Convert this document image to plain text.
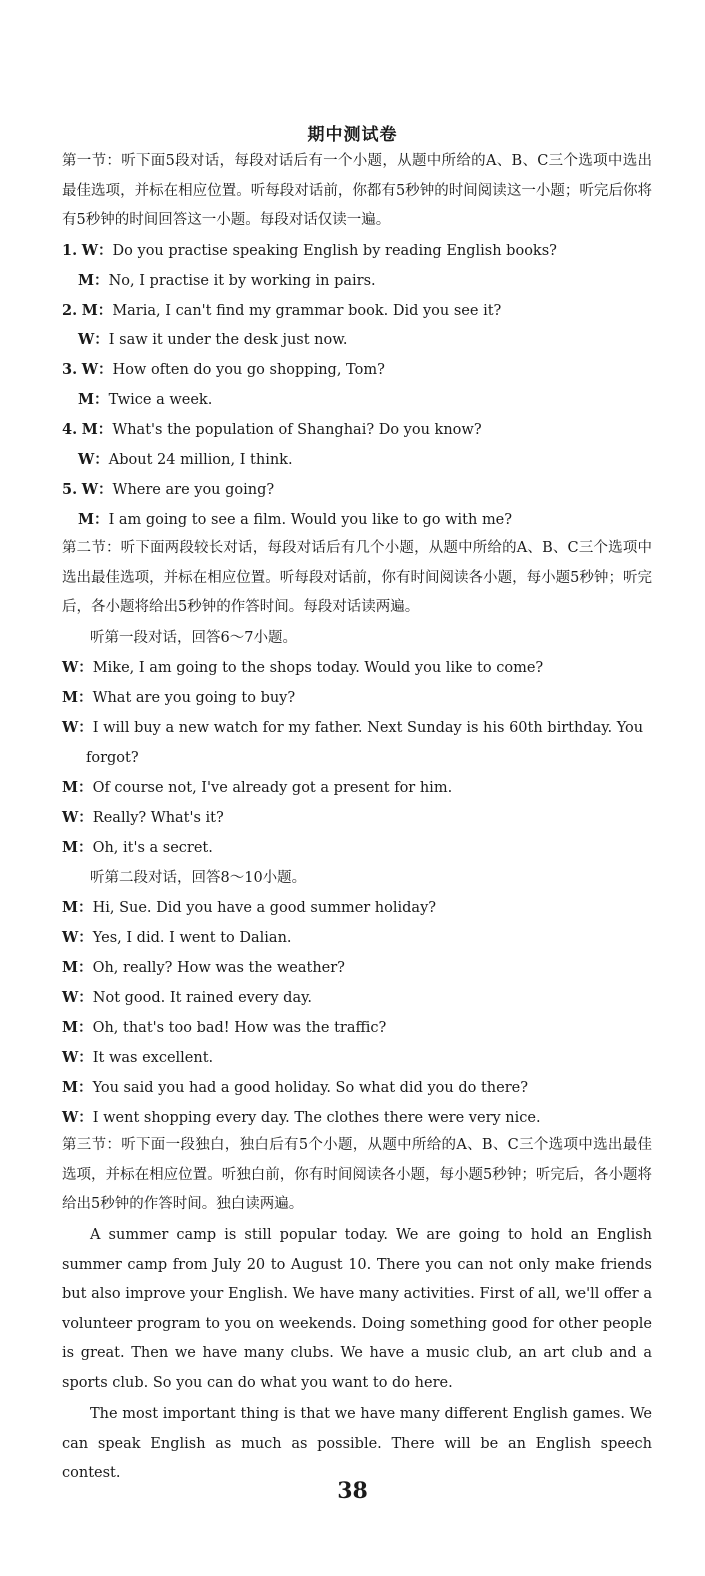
期中测试卷
第一节：听下面5段对话，每段对话后有一个小题，从题中所给的A、B、C三个选项中选出最佳选项，并标在相应位置。听每段对话前，你都有5秒钟的时间阅读这一小题；听完后你将有5秒钟的时间回答这一小题。每段对话仅读一遍。
1. W：Do you practise speaking English by reading English books?
M：No, I practise it by working in pairs.
2. M：Maria, I can't find my grammar book. Did you see it?
W：I saw it under the desk just now.
3. W：How often do you go shopping, Tom?
M：Twice a week.
4. M：What's the population of Shanghai? Do you know?
W：About 24 million, I think.
5. W：Where are you going?
M：I am going to see a film. Would you like to go with me?
第二节：听下面两段较长对话，每段对话后有几个小题，从题中所给的A、B、C三个选项中选出最佳选项，并标在相应位置。听每段对话前，你有时间阅读各小题，每小题5秒钟；听完后，各小题将给出5秒钟的作答时间。每段对话读两遍。
听第一段对话，回答6～7小题。
W：Mike, I am going to the shops today. Would you like to come?
M：What are you going to buy?
W：I will buy a new watch for my father. Next Sunday is his 60th birthday. You
forgot?
M：Of course not, I've already got a present for him.
W：Really? What's it?
M：Oh, it's a secret.
听第二段对话，回答8～10小题。
M：Hi, Sue. Did you have a good summer holiday?
W：Yes, I did. I went to Dalian.
M：Oh, really? How was the weather?
W：Not good. It rained every day.
M：Oh, that's too bad! How was the traffic?
W：It was excellent.
M：You said you had a good holiday. So what did you do there?
W：I went shopping every day. The clothes there were very nice.
第三节：听下面一段独白，独白后有5个小题，从题中所给的A、B、C三个选项中选出最佳选项，并标在相应位置。听独白前，你有时间阅读各小题，每小题5秒钟；听完后，各小题将给出5秒钟的作答时间。独白读两遍。
A summer camp is still popular today. We are going to hold an English summer camp from July 20 to August 10. There you can not only make friends but also improve your English. We have many activities. First of all, we'll offer a volunteer program to you on weekends. Doing something good for other people is great. Then we have many clubs. We have a music club, an art club and a sports club. So you can do what you want to do here.
The most important thing is that we have many different English games. We can speak English as much as possible. There will be an English speech contest.
38
